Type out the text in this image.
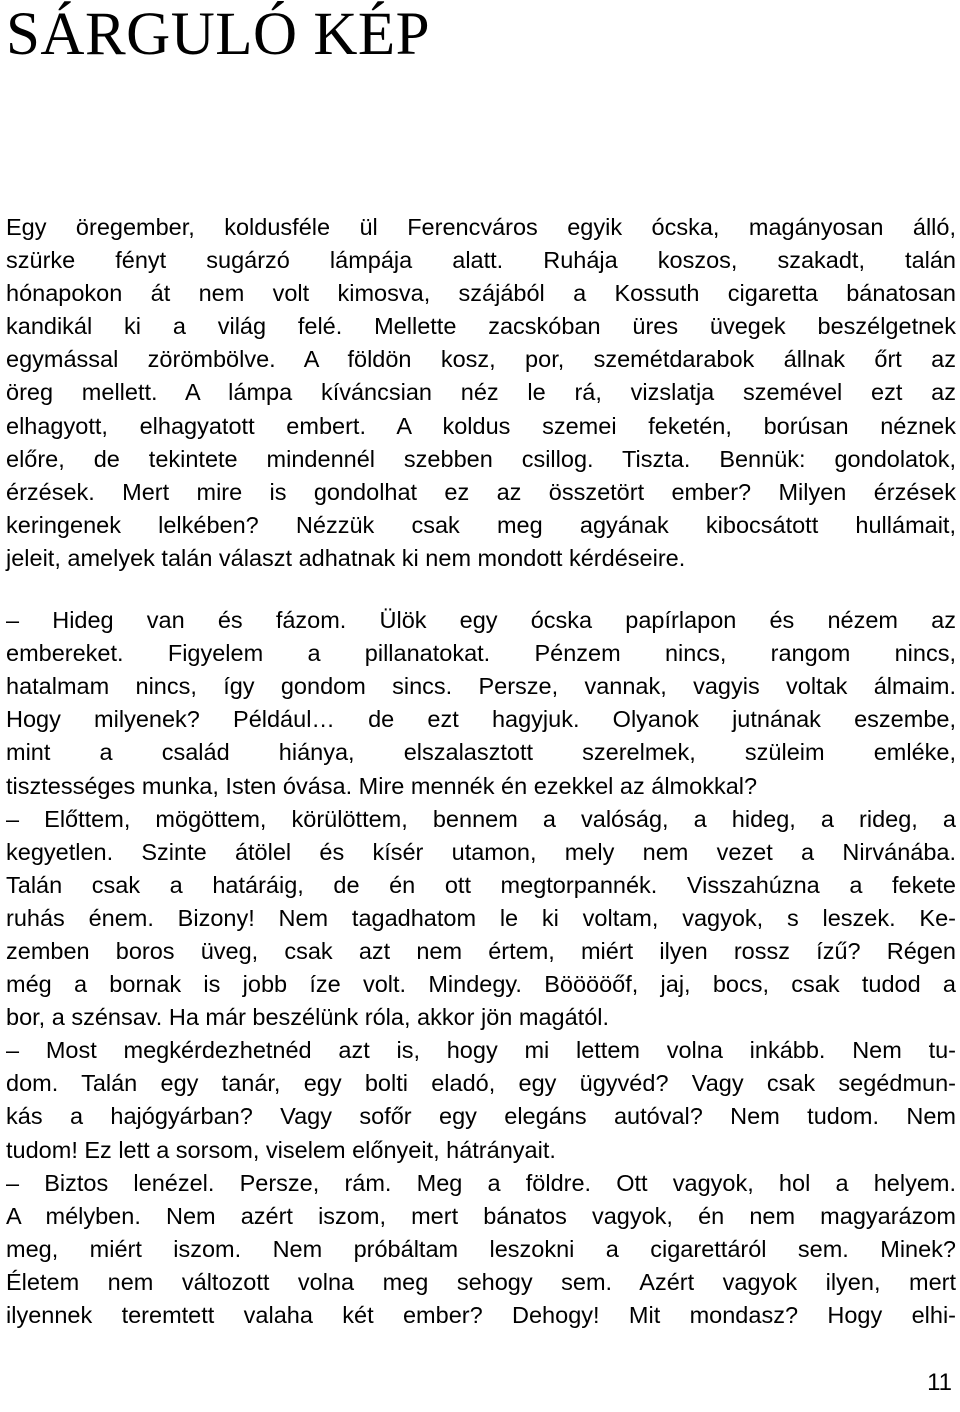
SÁRGULÓ KÉP

Egy öregember, koldusféle ül Ferencváros egyik ócska, magányosan álló,
szürke fényt sugárzó lámpája alatt. Ruhája koszos, szakadt, talán
hónapokon át nem volt kimosva, szájából a Kossuth cigaretta bánatosan
kandikál ki a világ felé. Mellette zacskóban üres üvegek beszélgetnek
egymással zörömbölve. A földön kosz, por, szemétdarabok állnak őrt az
öreg mellett. A lámpa kíváncsian néz le rá, vizslatja szemével ezt az
elhagyott, elhagyatott embert. A koldus szemei feketén, borúsan néznek
előre, de tekintete mindennél szebben csillog. Tiszta. Bennük: gondolatok,
érzések. Mert mire is gondolhat ez az összetört ember? Milyen érzések
keringenek lelkében? Nézzük csak meg agyának kibocsátott hullámait,
jeleit, amelyek talán választ adhatnak ki nem mondott kérdéseire.

– Hideg van és fázom. Ülök egy ócska papírlapon és nézem az
embereket. Figyelem a pillanatokat. Pénzem nincs, rangom nincs,
hatalmam nincs, így gondom sincs. Persze, vannak, vagyis voltak álmaim.
Hogy milyenek? Például… de ezt hagyjuk. Olyanok jutnának eszembe,
mint a család hiánya, elszalasztott szerelmek, szüleim emléke,
tisztességes munka, Isten óvása. Mire mennék én ezekkel az álmokkal?

– Előttem, mögöttem, körülöttem, bennem a valóság, a hideg, a rideg, a
kegyetlen. Szinte átölel és kísér utamon, mely nem vezet a Nirvánába.
Talán csak a határáig, de én ott megtorpannék. Visszahúzna a fekete
ruhás énem. Bizony! Nem tagadhatom le ki voltam, vagyok, s leszek. Ke-
zemben boros üveg, csak azt nem értem, miért ilyen rossz ízű? Régen
még a bornak is jobb íze volt. Mindegy. Bööööőf, jaj, bocs, csak tudod a
bor, a szénsav. Ha már beszélünk róla, akkor jön magától.

– Most megkérdezhetnéd azt is, hogy mi lettem volna inkább. Nem tu-
dom. Talán egy tanár, egy bolti eladó, egy ügyvéd? Vagy csak segédmun-
kás a hajógyárban? Vagy sofőr egy elegáns autóval? Nem tudom. Nem
tudom! Ez lett a sorsom, viselem előnyeit, hátrányait.

– Biztos lenézel. Persze, rám. Meg a földre. Ott vagyok, hol a helyem.
A mélyben. Nem azért iszom, mert bánatos vagyok, én nem magyarázom
meg, miért iszom. Nem próbáltam leszokni a cigarettáról sem. Minek?
Életem nem változott volna meg sehogy sem. Azért vagyok ilyen, mert
ilyennek teremtett valaha két ember? Dehogy! Mit mondasz? Hogy elhi-

11
